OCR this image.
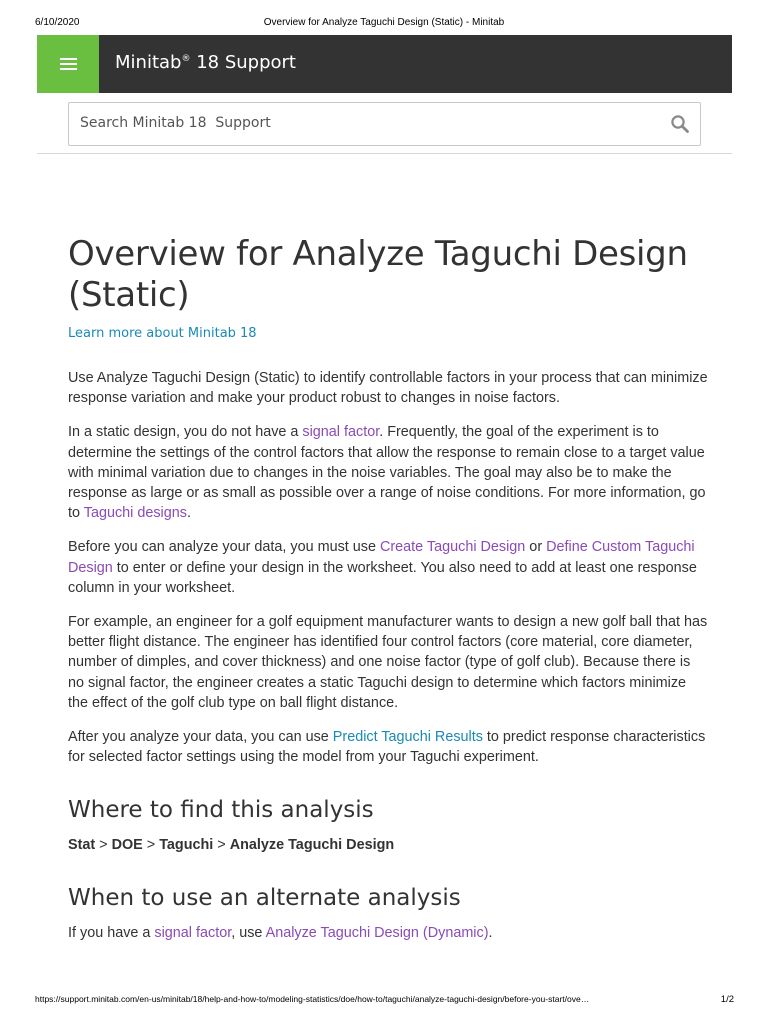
6/10/2020	Overview for Analyze Taguchi Design (Static) - Minitab
Minitab® 18 Support
Search Minitab 18 Support
Overview for Analyze Taguchi Design (Static)
Learn more about Minitab 18

Use Analyze Taguchi Design (Static) to identify controllable factors in your process that can minimize response variation and make your product robust to changes in noise factors.

In a static design, you do not have a signal factor. Frequently, the goal of the experiment is to determine the settings of the control factors that allow the response to remain close to a target value with minimal variation due to changes in the noise variables. The goal may also be to make the response as large or as small as possible over a range of noise conditions. For more information, go to Taguchi designs.

Before you can analyze your data, you must use Create Taguchi Design or Define Custom Taguchi Design to enter or define your design in the worksheet. You also need to add at least one response column in your worksheet.

For example, an engineer for a golf equipment manufacturer wants to design a new golf ball that has better flight distance. The engineer has identified four control factors (core material, core diameter, number of dimples, and cover thickness) and one noise factor (type of golf club). Because there is no signal factor, the engineer creates a static Taguchi design to determine which factors minimize the effect of the golf club type on ball flight distance.

After you analyze your data, you can use Predict Taguchi Results to predict response characteristics for selected factor settings using the model from your Taguchi experiment.

Where to find this analysis

Stat > DOE > Taguchi > Analyze Taguchi Design

When to use an alternate analysis

If you have a signal factor, use Analyze Taguchi Design (Dynamic).

https://support.minitab.com/en-us/minitab/18/help-and-how-to/modeling-statistics/doe/how-to/taguchi/analyze-taguchi-design/before-you-start/ove…	1/2
